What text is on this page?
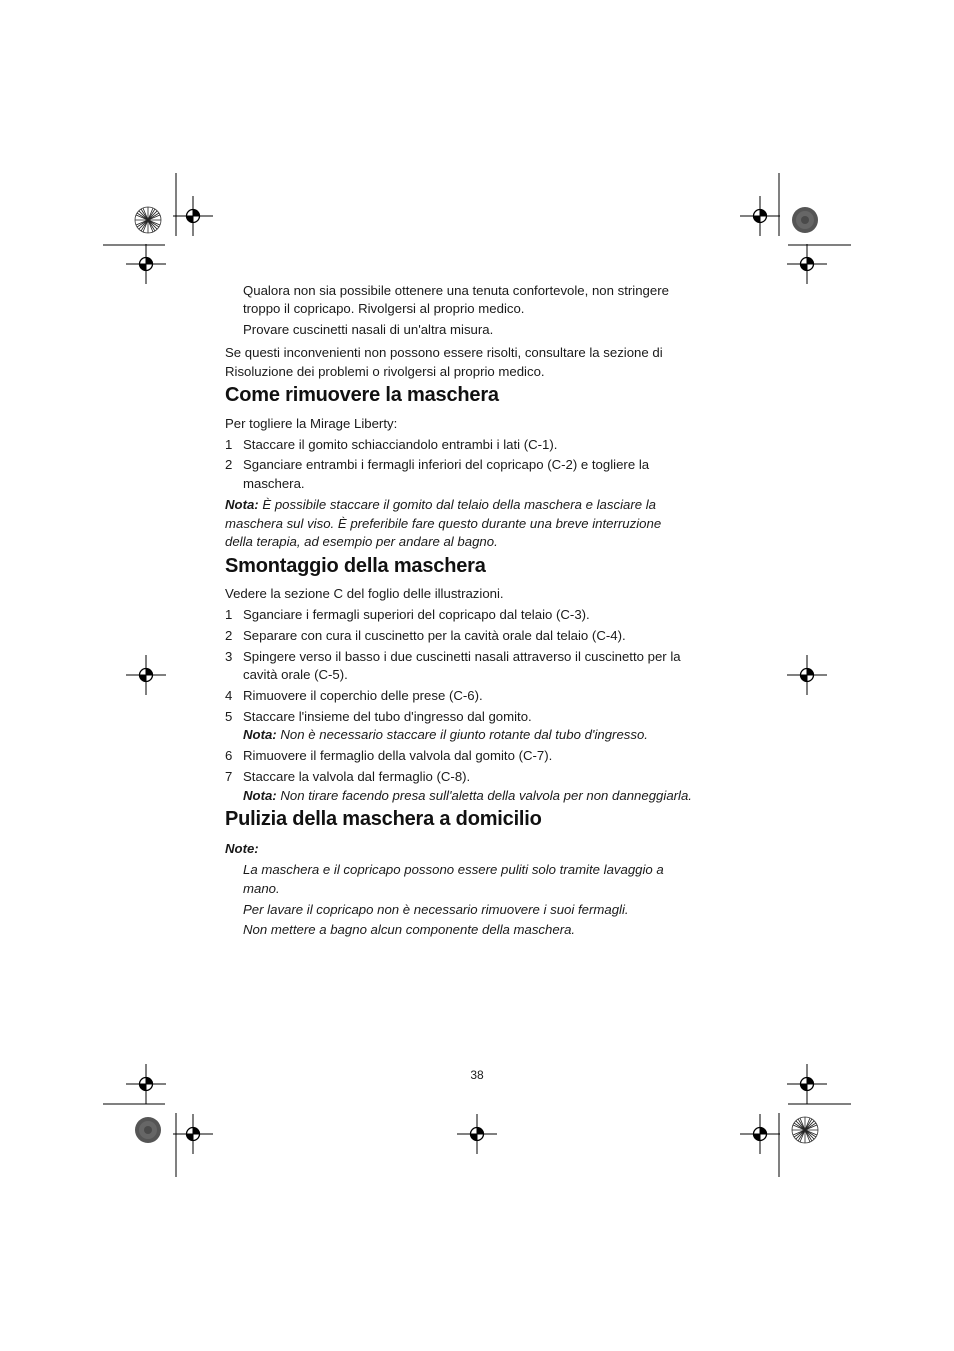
Qualora non sia possibile ottenere una tenuta confortevole, non stringere

troppo il copricapo. Rivolgersi al proprio medico.

Provare cuscinetti nasali di un'altra misura.

Se questi inconvenienti non possono essere risolti, consultare la sezione di

Risoluzione dei problemi o rivolgersi al proprio medico.

Come rimuovere la maschera

Per togliere la Mirage Liberty:

1 Staccare il gomito schiacciandolo entrambi i lati (C-1).

2 Sganciare entrambi i fermagli inferiori del copricapo (C-2) e togliere la

maschera.

Nota: È possibile staccare il gomito dal telaio della maschera e lasciare la

maschera sul viso. È preferibile fare questo durante una breve interruzione

della terapia, ad esempio per andare al bagno.

Smontaggio della maschera

Vedere la sezione C del foglio delle illustrazioni.

1 Sganciare i fermagli superiori del copricapo dal telaio (C-3).

2 Separare con cura il cuscinetto per la cavità orale dal telaio (C-4).

3 Spingere verso il basso i due cuscinetti nasali attraverso il cuscinetto per la

cavità orale (C-5).

4 Rimuovere il coperchio delle prese (C-6).

5 Staccare l'insieme del tubo d'ingresso dal gomito.

Nota: Non è necessario staccare il giunto rotante dal tubo d'ingresso.

6 Rimuovere il fermaglio della valvola dal gomito (C-7).

7 Staccare la valvola dal fermaglio (C-8).

Nota: Non tirare facendo presa sull'aletta della valvola per non danneggiarla.

Pulizia della maschera a domicilio

Note:

La maschera e il copricapo possono essere puliti solo tramite lavaggio a

mano.

Per lavare il copricapo non è necessario rimuovere i suoi fermagli.

Non mettere a bagno alcun componente della maschera.

38
